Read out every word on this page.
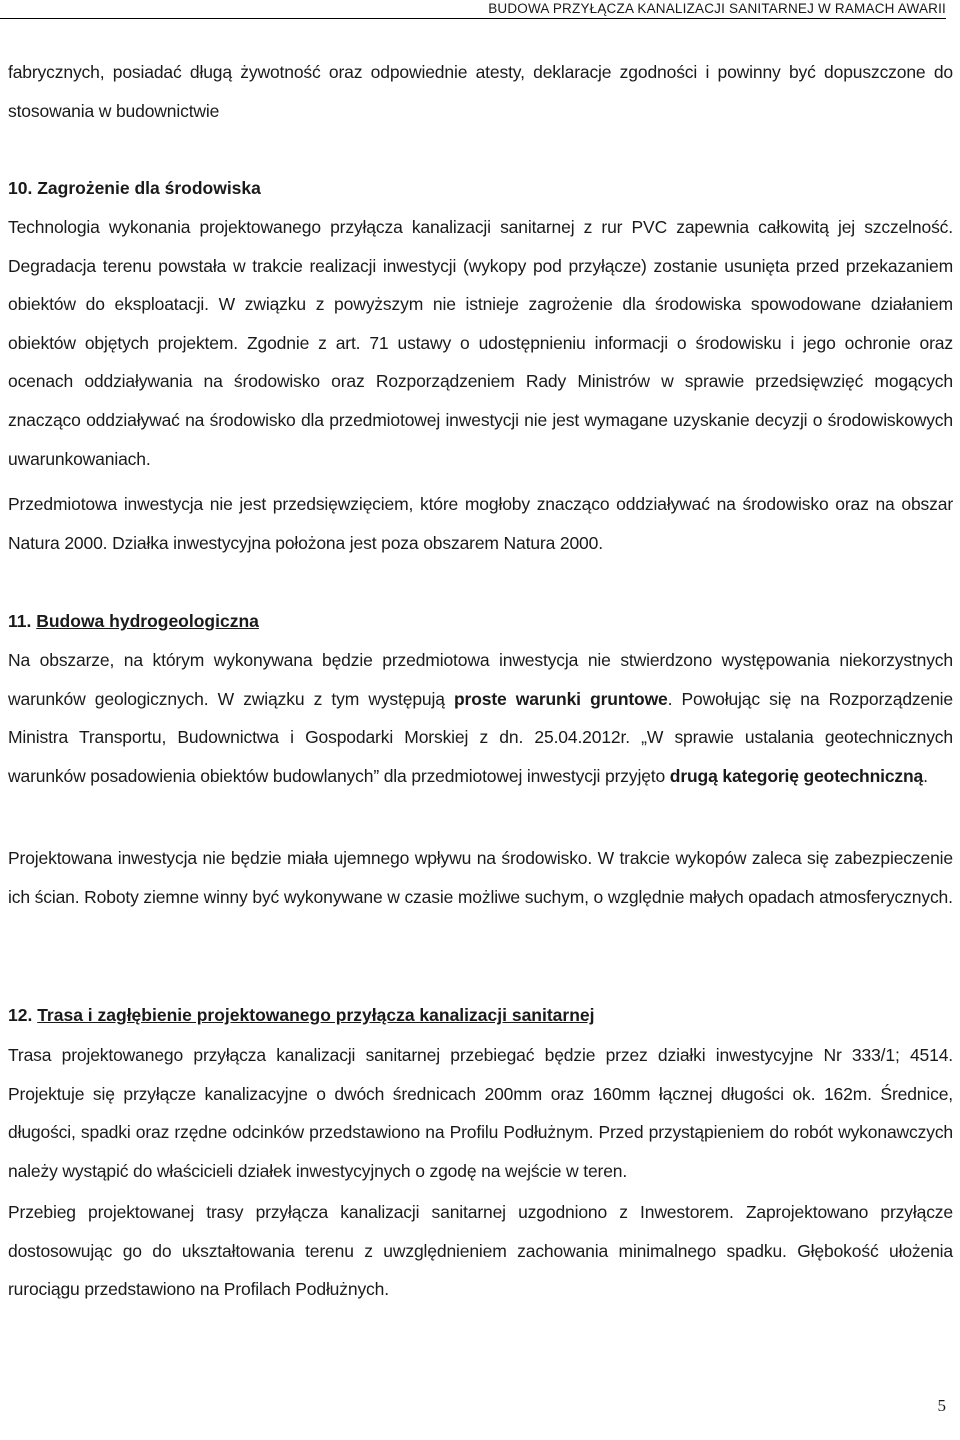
BUDOWA PRZYŁĄCZA KANALIZACJI SANITARNEJ W RAMACH AWARII
fabrycznych, posiadać długą żywotność oraz odpowiednie atesty, deklaracje zgodności i powinny być dopuszczone do stosowania w budownictwie
10. Zagrożenie dla środowiska
Technologia wykonania projektowanego przyłącza kanalizacji sanitarnej z rur PVC zapewnia całkowitą jej szczelność. Degradacja terenu powstała w trakcie realizacji inwestycji (wykopy pod przyłącze) zostanie usunięta przed przekazaniem obiektów do eksploatacji. W związku z powyższym nie istnieje zagrożenie dla środowiska spowodowane działaniem obiektów objętych projektem. Zgodnie z art. 71 ustawy o udostępnieniu informacji o środowisku i jego ochronie oraz ocenach oddziaływania na środowisko oraz Rozporządzeniem Rady Ministrów w sprawie przedsięwzięć mogących znacząco oddziaływać na środowisko dla przedmiotowej inwestycji nie jest wymagane uzyskanie decyzji o środowiskowych uwarunkowaniach.
Przedmiotowa inwestycja nie jest przedsięwzięciem, które mogłoby znacząco oddziaływać na środowisko oraz na obszar Natura 2000. Działka inwestycyjna położona jest poza obszarem Natura 2000.
11. Budowa hydrogeologiczna
Na obszarze, na którym wykonywana będzie przedmiotowa inwestycja nie stwierdzono występowania niekorzystnych warunków geologicznych. W związku z tym występują proste warunki gruntowe. Powołując się na Rozporządzenie Ministra Transportu, Budownictwa i Gospodarki Morskiej z dn. 25.04.2012r. „W sprawie ustalania geotechnicznych warunków posadowienia obiektów budowlanych” dla przedmiotowej inwestycji przyjęto drugą kategorię geotechniczną.
Projektowana inwestycja nie będzie miała ujemnego wpływu na środowisko. W trakcie wykopów zaleca się zabezpieczenie ich ścian. Roboty ziemne winny być wykonywane w czasie możliwe suchym, o względnie małych opadach atmosferycznych.
12. Trasa i zagłębienie projektowanego przyłącza kanalizacji sanitarnej
Trasa projektowanego przyłącza kanalizacji sanitarnej przebiegać będzie przez działki inwestycyjne Nr 333/1; 4514. Projektuje się przyłącze kanalizacyjne o dwóch średnicach 200mm oraz 160mm łącznej długości ok. 162m. Średnice, długości, spadki oraz rzędne odcinków przedstawiono na Profilu Podłużnym. Przed przystąpieniem do robót wykonawczych należy wystąpić do właścicieli działek inwestycyjnych o zgodę na wejście w teren.
Przebieg projektowanej trasy przyłącza kanalizacji sanitarnej uzgodniono z Inwestorem. Zaprojektowano przyłącze dostosowując go do ukształtowania terenu z uwzględnieniem zachowania minimalnego spadku. Głębokość ułożenia rurociągu przedstawiono na Profilach Podłużnych.
5
